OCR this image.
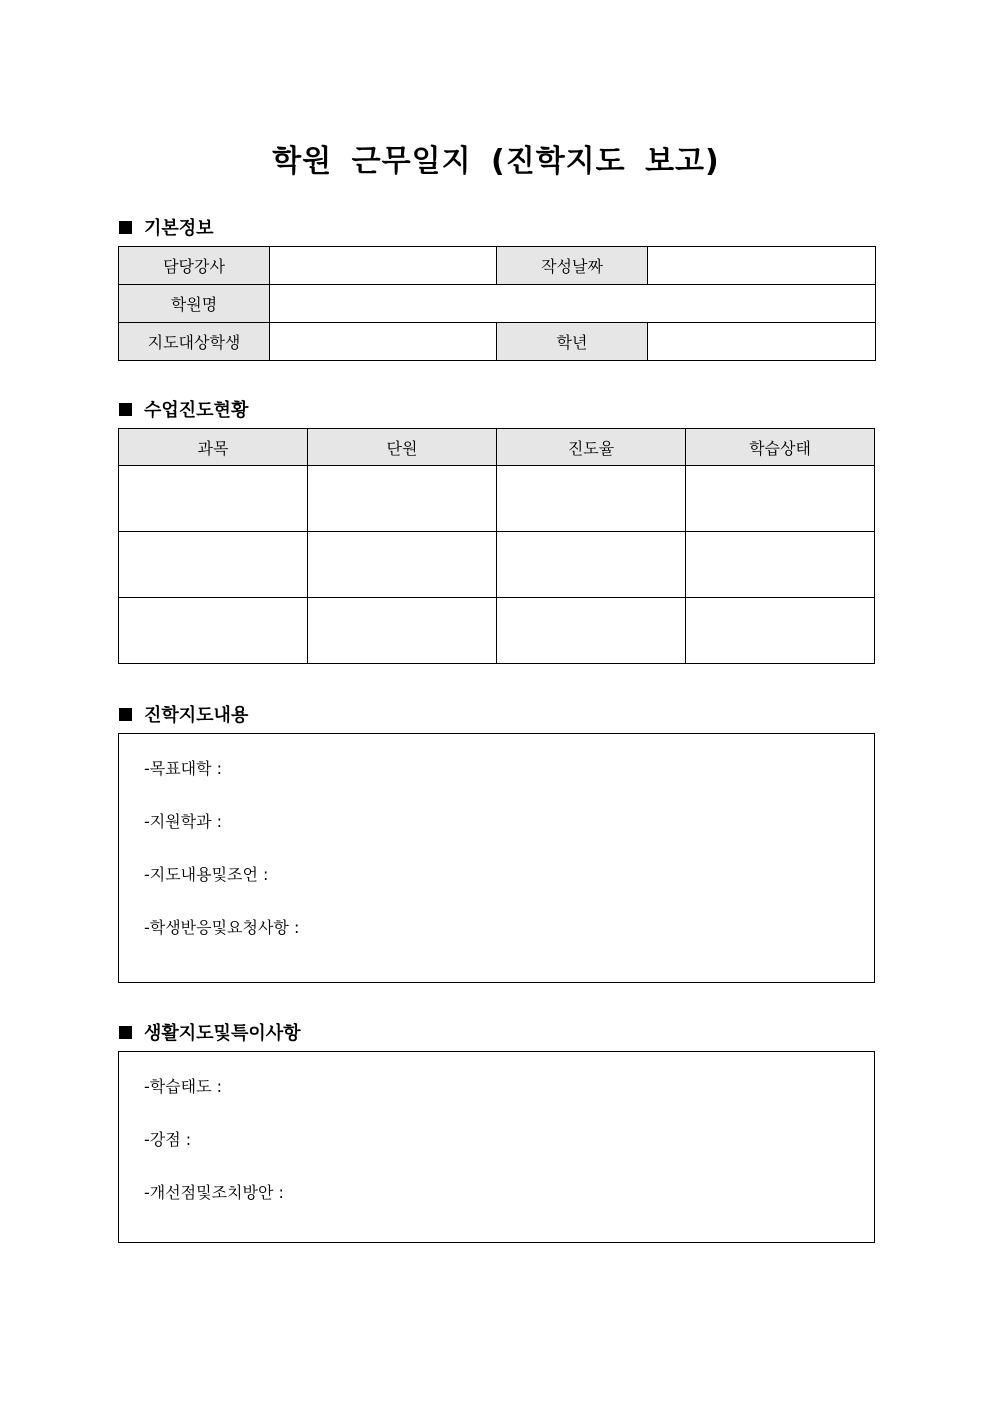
학원 근무일지 (진학지도 보고)
기본정보
담당강사		작성날짜	
학원명			
지도대상학생		학년	
수업진도현황
과목	단원	진도율	학습상태

진학지도내용
-목표대학 :
-지원학과 :
-지도내용및조언 :
-학생반응및요청사항 :
생활지도및특이사항
-학습태도 :
-강점 :
-개선점및조치방안 :
